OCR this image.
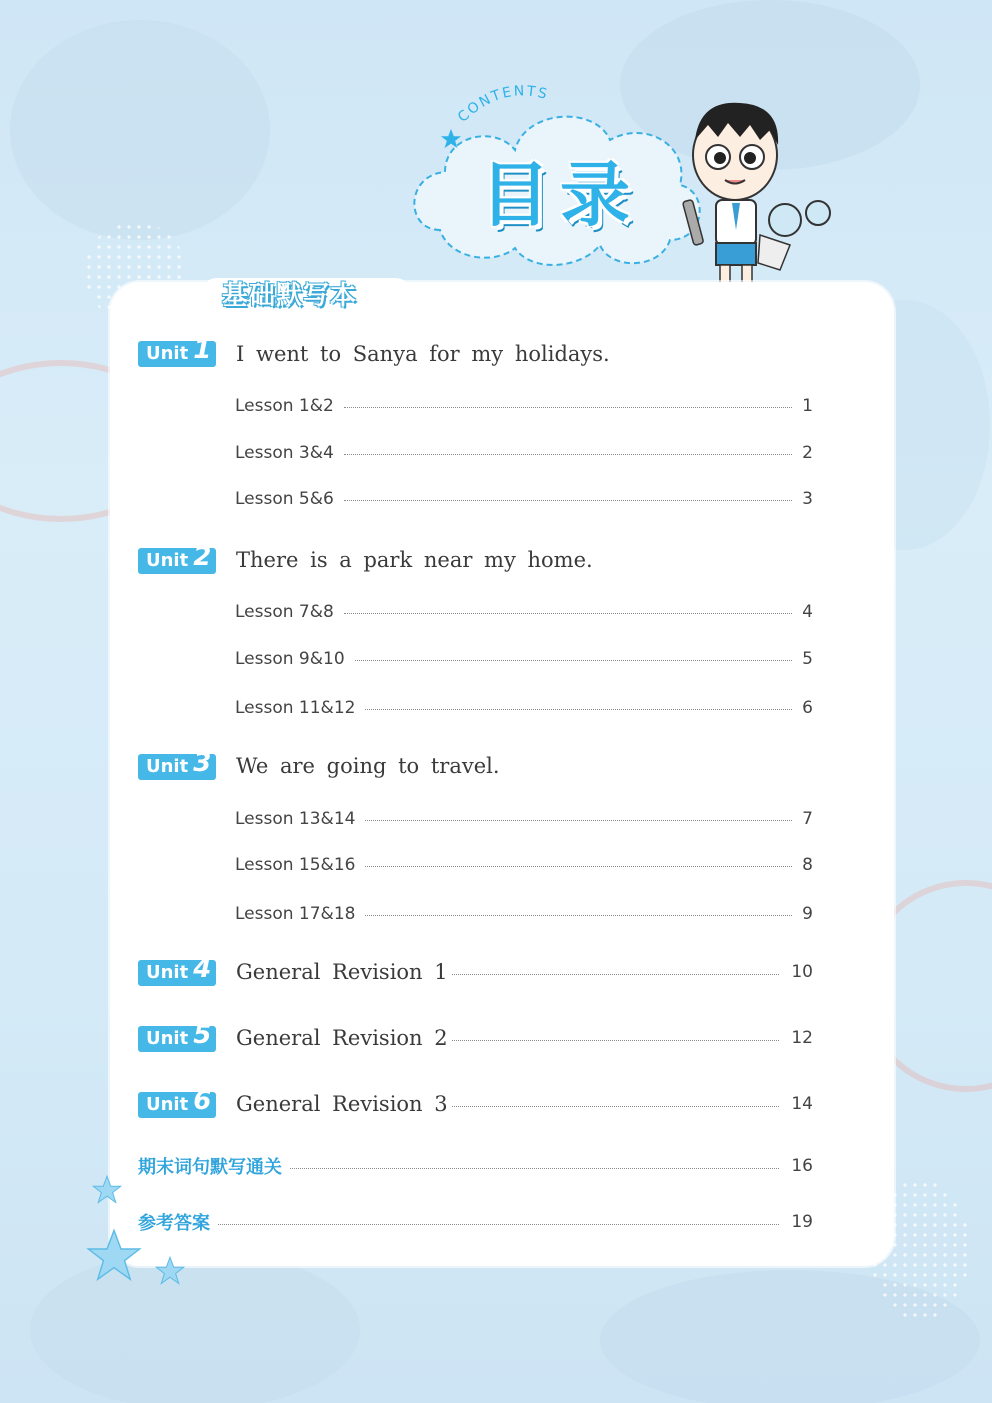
CONTENTS
目录
基础默写本
Unit 1 I went to Sanya for my holidays.
Lesson 1&2	1
Lesson 3&4	2
Lesson 5&6	3
Unit 2 There is a park near my home.
Lesson 7&8	4
Lesson 9&10	5
Lesson 11&12	6
Unit 3 We are going to travel.
Lesson 13&14	7
Lesson 15&16	8
Lesson 17&18	9
Unit 4 General Revision 1	10
Unit 5 General Revision 2	12
Unit 6 General Revision 3	14
期末词句默写通关	16
参考答案	19
